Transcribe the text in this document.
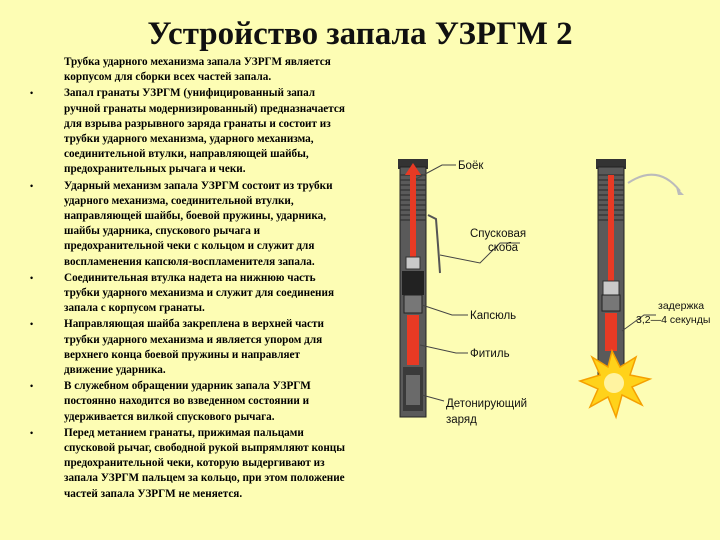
Устройство запала УЗРГМ 2

Трубка ударного механизма запала УЗРГМ является корпусом для сборки всех частей запала.

•	Запал гранаты УЗРГМ (унифицированный запал ручной гранаты модернизированный) предназначается для взрыва разрывного заряда гранаты и состоит из трубки ударного механизма, ударного механизма, соединительной втулки, направляющей шайбы, предохранительных рычага и чеки.

•	Ударный механизм запала УЗРГМ состоит из трубки ударного механизма, соединительной втулки, направляющей шайбы, боевой пружины, ударника, шайбы ударника, спускового рычага и предохранительной чеки с кольцом и служит для воспламенения капсюля-воспламенителя запала.

•	Соединительная втулка надета на нижнюю часть трубки ударного механизма и служит для соединения запала с корпусом гранаты.

•	Направляющая шайба закреплена в верхней части трубки ударного механизма и является упором для верхнего конца боевой пружины и направляет движение ударника.

•	В служебном обращении ударник запала УЗРГМ постоянно находится во взведенном состоянии и удерживается вилкой спускового рычага.

•	Перед метанием гранаты, прижимая пальцами спусковой рычаг, свободной рукой выпрямляют концы предохранительной чеки, которую выдергивают из запала УЗРГМ пальцем за кольцо, при этом положение частей запала УЗРГМ не меняется.

Боёк
Спусковая
скоба
Капсюль
Фитиль
Детонирующий
заряд
задержка
3,2—4 секунды
